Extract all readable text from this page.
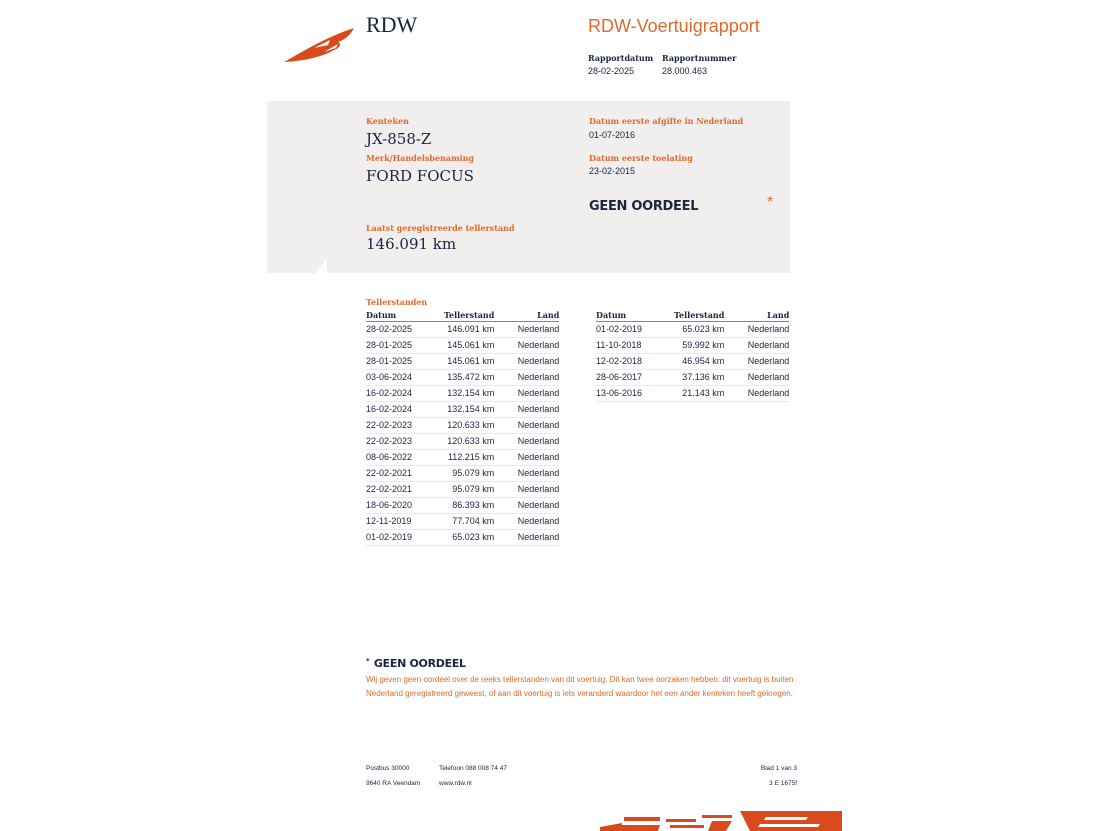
RDW	RDW-Voertuigrapport
Rapportdatum
28-02-2025
Rapportnummer
28.000.463
Kenteken
JX-858-Z
Merk/Handelsbenaming
FORD FOCUS
Datum eerste afgifte in Nederland
01-07-2016
Datum eerste toelating
23-02-2015
GEEN OORDEEL	*
Laatst geregistreerde tellerstand
146.091 km
Tellerstanden
Datum	Tellerstand	Land
28-02-2025	146.091 km	Nederland
28-01-2025	145.061 km	Nederland
28-01-2025	145.061 km	Nederland
03-06-2024	135.472 km	Nederland
16-02-2024	132.154 km	Nederland
16-02-2024	132.154 km	Nederland
22-02-2023	120.633 km	Nederland
22-02-2023	120.633 km	Nederland
08-06-2022	112.215 km	Nederland
22-02-2021	95.079 km	Nederland
22-02-2021	95.079 km	Nederland
18-06-2020	86.393 km	Nederland
12-11-2019	77.704 km	Nederland
01-02-2019	65.023 km	Nederland
Datum	Tellerstand	Land
01-02-2019	65.023 km	Nederland
11-10-2018	59.992 km	Nederland
12-02-2018	46.954 km	Nederland
28-06-2017	37.136 km	Nederland
13-06-2016	21.143 km	Nederland
* GEEN OORDEEL
Wij geven geen oordeel over de reeks tellerstanden van dit voertuig. Dit kan twee oorzaken hebben: dit voertuig is buiten Nederland geregistreerd geweest, of aan dit voertuig is iets veranderd waardoor het een ander kenteken heeft gekregen.
Postbus 30000
9640 RA Veendam
Telefoon 088 008 74 47
www.rdw.nl
Blad 1 van 3
3 E 1675f
